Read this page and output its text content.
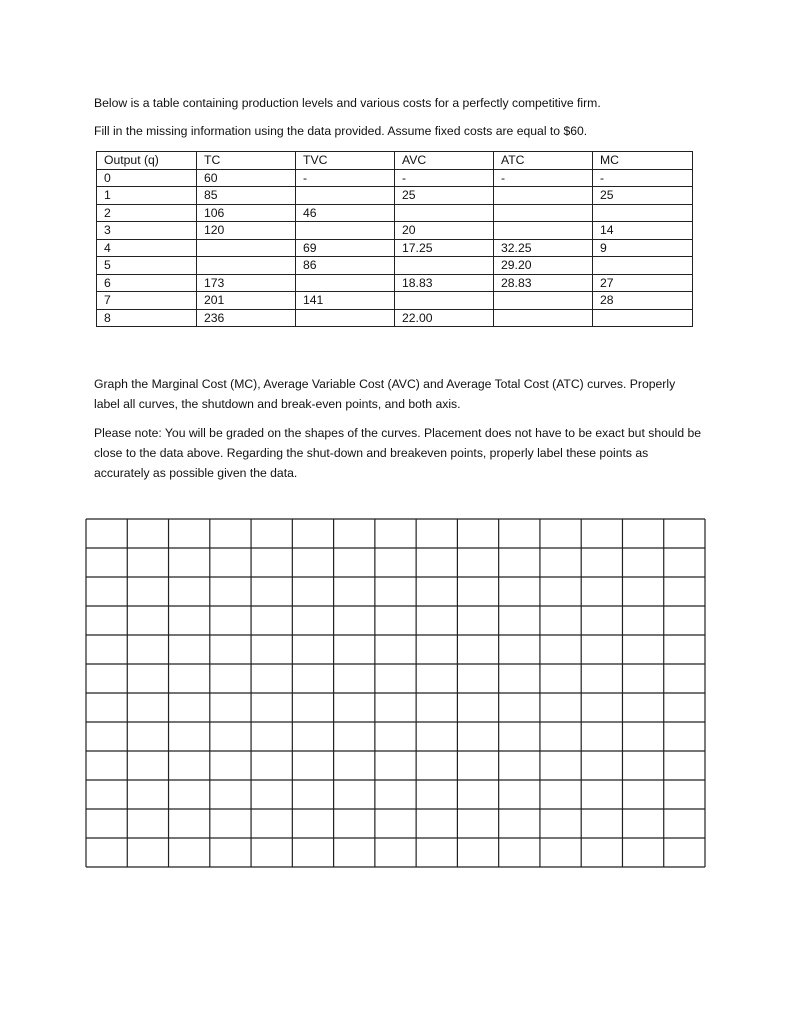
Below is a table containing production levels and various costs for a perfectly competitive firm.

Fill in the missing information using the data provided. Assume fixed costs are equal to $60.

Output (q)	TC	TVC	AVC	ATC	MC
0	60	-	-	-	-
1	85		25		25
2	106	46			
3	120		20		14
4		69	17.25	32.25	9
5		86		29.20	
6	173		18.83	28.83	27
7	201	141			28
8	236		22.00		

Graph the Marginal Cost (MC), Average Variable Cost (AVC) and Average Total Cost (ATC) curves. Properly label all curves, the shutdown and break-even points, and both axis.

Please note: You will be graded on the shapes of the curves. Placement does not have to be exact but should be close to the data above. Regarding the shut-down and breakeven points, properly label these points as accurately as possible given the data.
